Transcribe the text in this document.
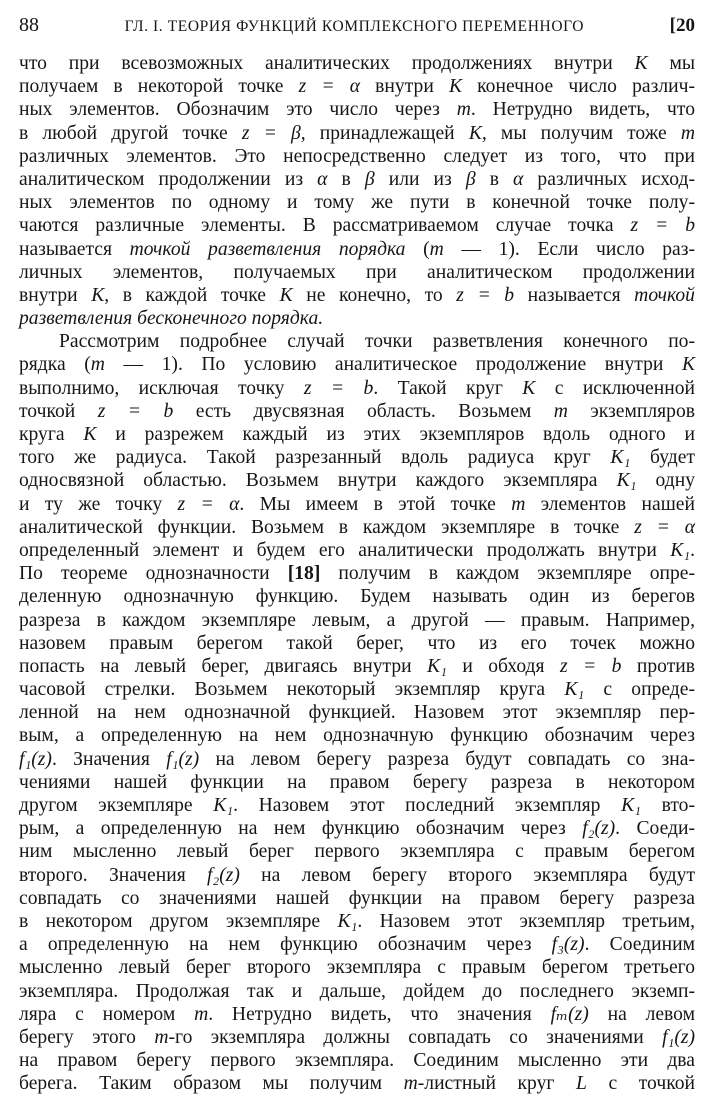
88	ГЛ. I. ТЕОРИЯ ФУНКЦИЙ КОМПЛЕКСНОГО ПЕРЕМЕННОГО	[20
что при всевозможных аналитических продолжениях внутри K мы
получаем в некоторой точке z = α внутри K конечное число различ-
ных элементов. Обозначим это число через m. Нетрудно видеть, что
в любой другой точке z = β, принадлежащей K, мы получим тоже m
различных элементов. Это непосредственно следует из того, что при
аналитическом продолжении из α в β или из β в α различных исход-
ных элементов по одному и тому же пути в конечной точке полу-
чаются различные элементы. В рассматриваемом случае точка z = b
называется точкой разветвления порядка (m — 1). Если число раз-
личных элементов, получаемых при аналитическом продолжении
внутри K, в каждой точке K не конечно, то z = b называется точкой
разветвления бесконечного порядка.
Рассмотрим подробнее случай точки разветвления конечного по-
рядка (m — 1). По условию аналитическое продолжение внутри K
выполнимо, исключая точку z = b. Такой круг K с исключенной
точкой z = b есть двусвязная область. Возьмем m экземпляров
круга K и разрежем каждый из этих экземпляров вдоль одного и
того же радиуса. Такой разрезанный вдоль радиуса круг K₁ будет
односвязной областью. Возьмем внутри каждого экземпляра K₁ одну
и ту же точку z = α. Мы имеем в этой точке m элементов нашей
аналитической функции. Возьмем в каждом экземпляре в точке z = α
определенный элемент и будем его аналитически продолжать внутри K₁.
По теореме однозначности [18] получим в каждом экземпляре опре-
деленную однозначную функцию. Будем называть один из берегов
разреза в каждом экземпляре левым, а другой — правым. Например,
назовем правым берегом такой берег, что из его точек можно
попасть на левый берег, двигаясь внутри K₁ и обходя z = b против
часовой стрелки. Возьмем некоторый экземпляр круга K₁ с опреде-
ленной на нем однозначной функцией. Назовем этот экземпляр пер-
вым, а определенную на нем однозначную функцию обозначим через
f₁(z). Значения f₁(z) на левом берегу разреза будут совпадать со зна-
чениями нашей функции на правом берегу разреза в некотором
другом экземпляре K₁. Назовем этот последний экземпляр K₁ вто-
рым, а определенную на нем функцию обозначим через f₂(z). Соеди-
ним мысленно левый берег первого экземпляра с правым берегом
второго. Значения f₂(z) на левом берегу второго экземпляра будут
совпадать со значениями нашей функции на правом берегу разреза
в некотором другом экземпляре K₁. Назовем этот экземпляр третьим,
а определенную на нем функцию обозначим через f₃(z). Соединим
мысленно левый берег второго экземпляра с правым берегом третьего
экземпляра. Продолжая так и дальше, дойдем до последнего экземп-
ляра с номером m. Нетрудно видеть, что значения fₘ(z) на левом
берегу этого m-го экземпляра должны совпадать со значениями f₁(z)
на правом берегу первого экземпляра. Соединим мысленно эти два
берега. Таким образом мы получим m-листный круг L с точкой
